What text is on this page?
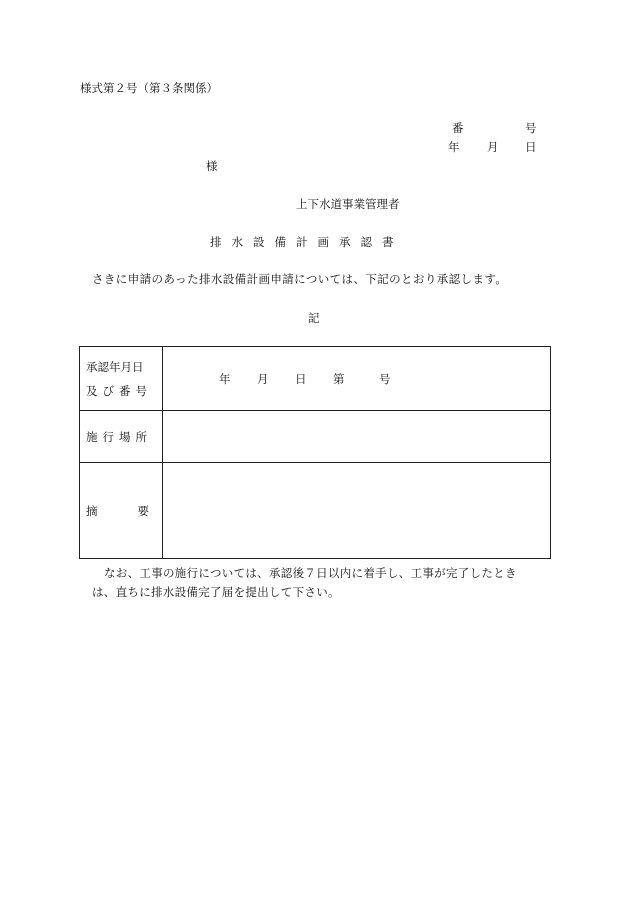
様式第２号（第３条関係）
番	号
年 月 日
様
上下水道事業管理者
排水設備計画承認書
さきに申請のあった排水設備計画申請については、下記のとおり承認します。
記
承認年月日
及び番号	年 月 日 第 号

施行場所	

摘 要	

なお、工事の施行については、承認後７日以内に着手し、工事が完了したとき
は、直ちに排水設備完了届を提出して下さい。
